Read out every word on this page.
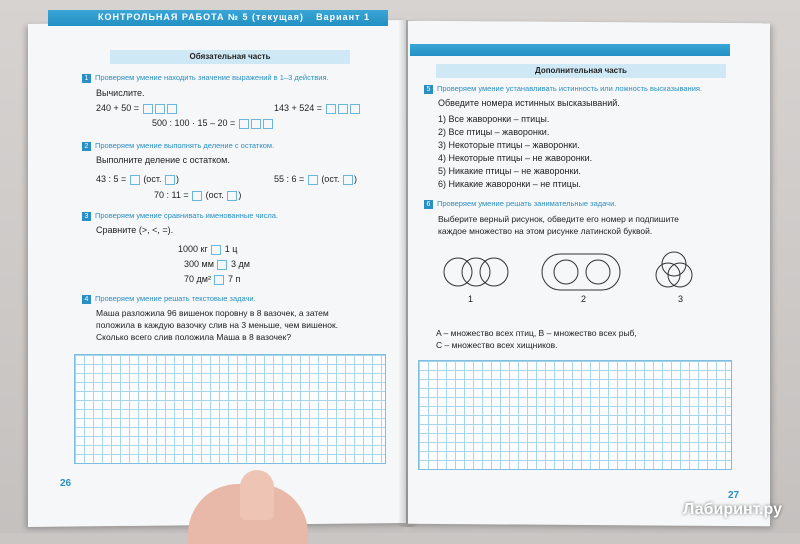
КОНТРОЛЬНАЯ РАБОТА № 5 (текущая) Вариант 1
Обязательная часть
1 Проверяем умение находить значение выражений в 1–3 действия.
Вычислите.
240 + 50 =	143 + 524 =
500 : 100 · 15 – 20 =
2 Проверяем умение выполнять деление с остатком.
Выполните деление с остатком.
43 : 5 = (ост. )	55 : 6 = (ост. )
70 : 11 = (ост. )
3 Проверяем умение сравнивать именованные числа.
Сравните (>, <, =).
1000 кг 1 ц
300 мм 3 дм
70 дм² 7 п
4 Проверяем умение решать текстовые задачи.
Маша разложила 96 вишенок поровну в 8 вазочек, а затем
положила в каждую вазочку слив на 3 меньше, чем вишенок.
Сколько всего слив положила Маша в 8 вазочек?
26
Дополнительная часть
5 Проверяем умение устанавливать истинность или ложность высказывания.
Обведите номера истинных высказываний.
1) Все жаворонки – птицы.
2) Все птицы – жаворонки.
3) Некоторые птицы – жаворонки.
4) Некоторые птицы – не жаворонки.
5) Никакие птицы – не жаворонки.
6) Никакие жаворонки – не птицы.
6 Проверяем умение решать занимательные задачи.
Выберите верный рисунок, обведите его номер и подпишите
каждое множество на этом рисунке латинской буквой.
1	2	3
A – множество всех птиц, B – множество всех рыб,
C – множество всех хищников.
27
Лабиринт.ру
